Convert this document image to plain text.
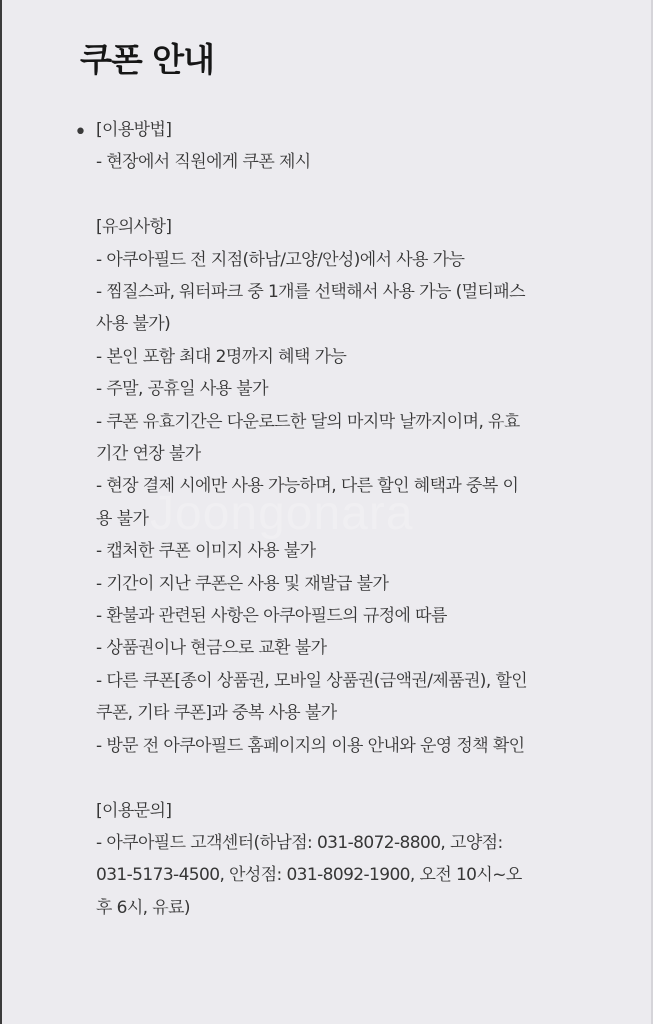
쿠폰 안내
Joongonara
• [이용방법]
- 현장에서 직원에게 쿠폰 제시
[유의사항]
- 아쿠아필드 전 지점(하남/고양/안성)에서 사용 가능
- 찜질스파, 워터파크 중 1개를 선택해서 사용 가능 (멀티패스
사용 불가)
- 본인 포함 최대 2명까지 혜택 가능
- 주말, 공휴일 사용 불가
- 쿠폰 유효기간은 다운로드한 달의 마지막 날까지이며, 유효
기간 연장 불가
- 현장 결제 시에만 사용 가능하며, 다른 할인 혜택과 중복 이
용 불가
- 캡처한 쿠폰 이미지 사용 불가
- 기간이 지난 쿠폰은 사용 및 재발급 불가
- 환불과 관련된 사항은 아쿠아필드의 규정에 따름
- 상품권이나 현금으로 교환 불가
- 다른 쿠폰[종이 상품권, 모바일 상품권(금액권/제품권), 할인
쿠폰, 기타 쿠폰]과 중복 사용 불가
- 방문 전 아쿠아필드 홈페이지의 이용 안내와 운영 정책 확인
[이용문의]
- 아쿠아필드 고객센터(하남점: 031-8072-8800, 고양점:
031-5173-4500, 안성점: 031-8092-1900, 오전 10시~오
후 6시, 유료)
